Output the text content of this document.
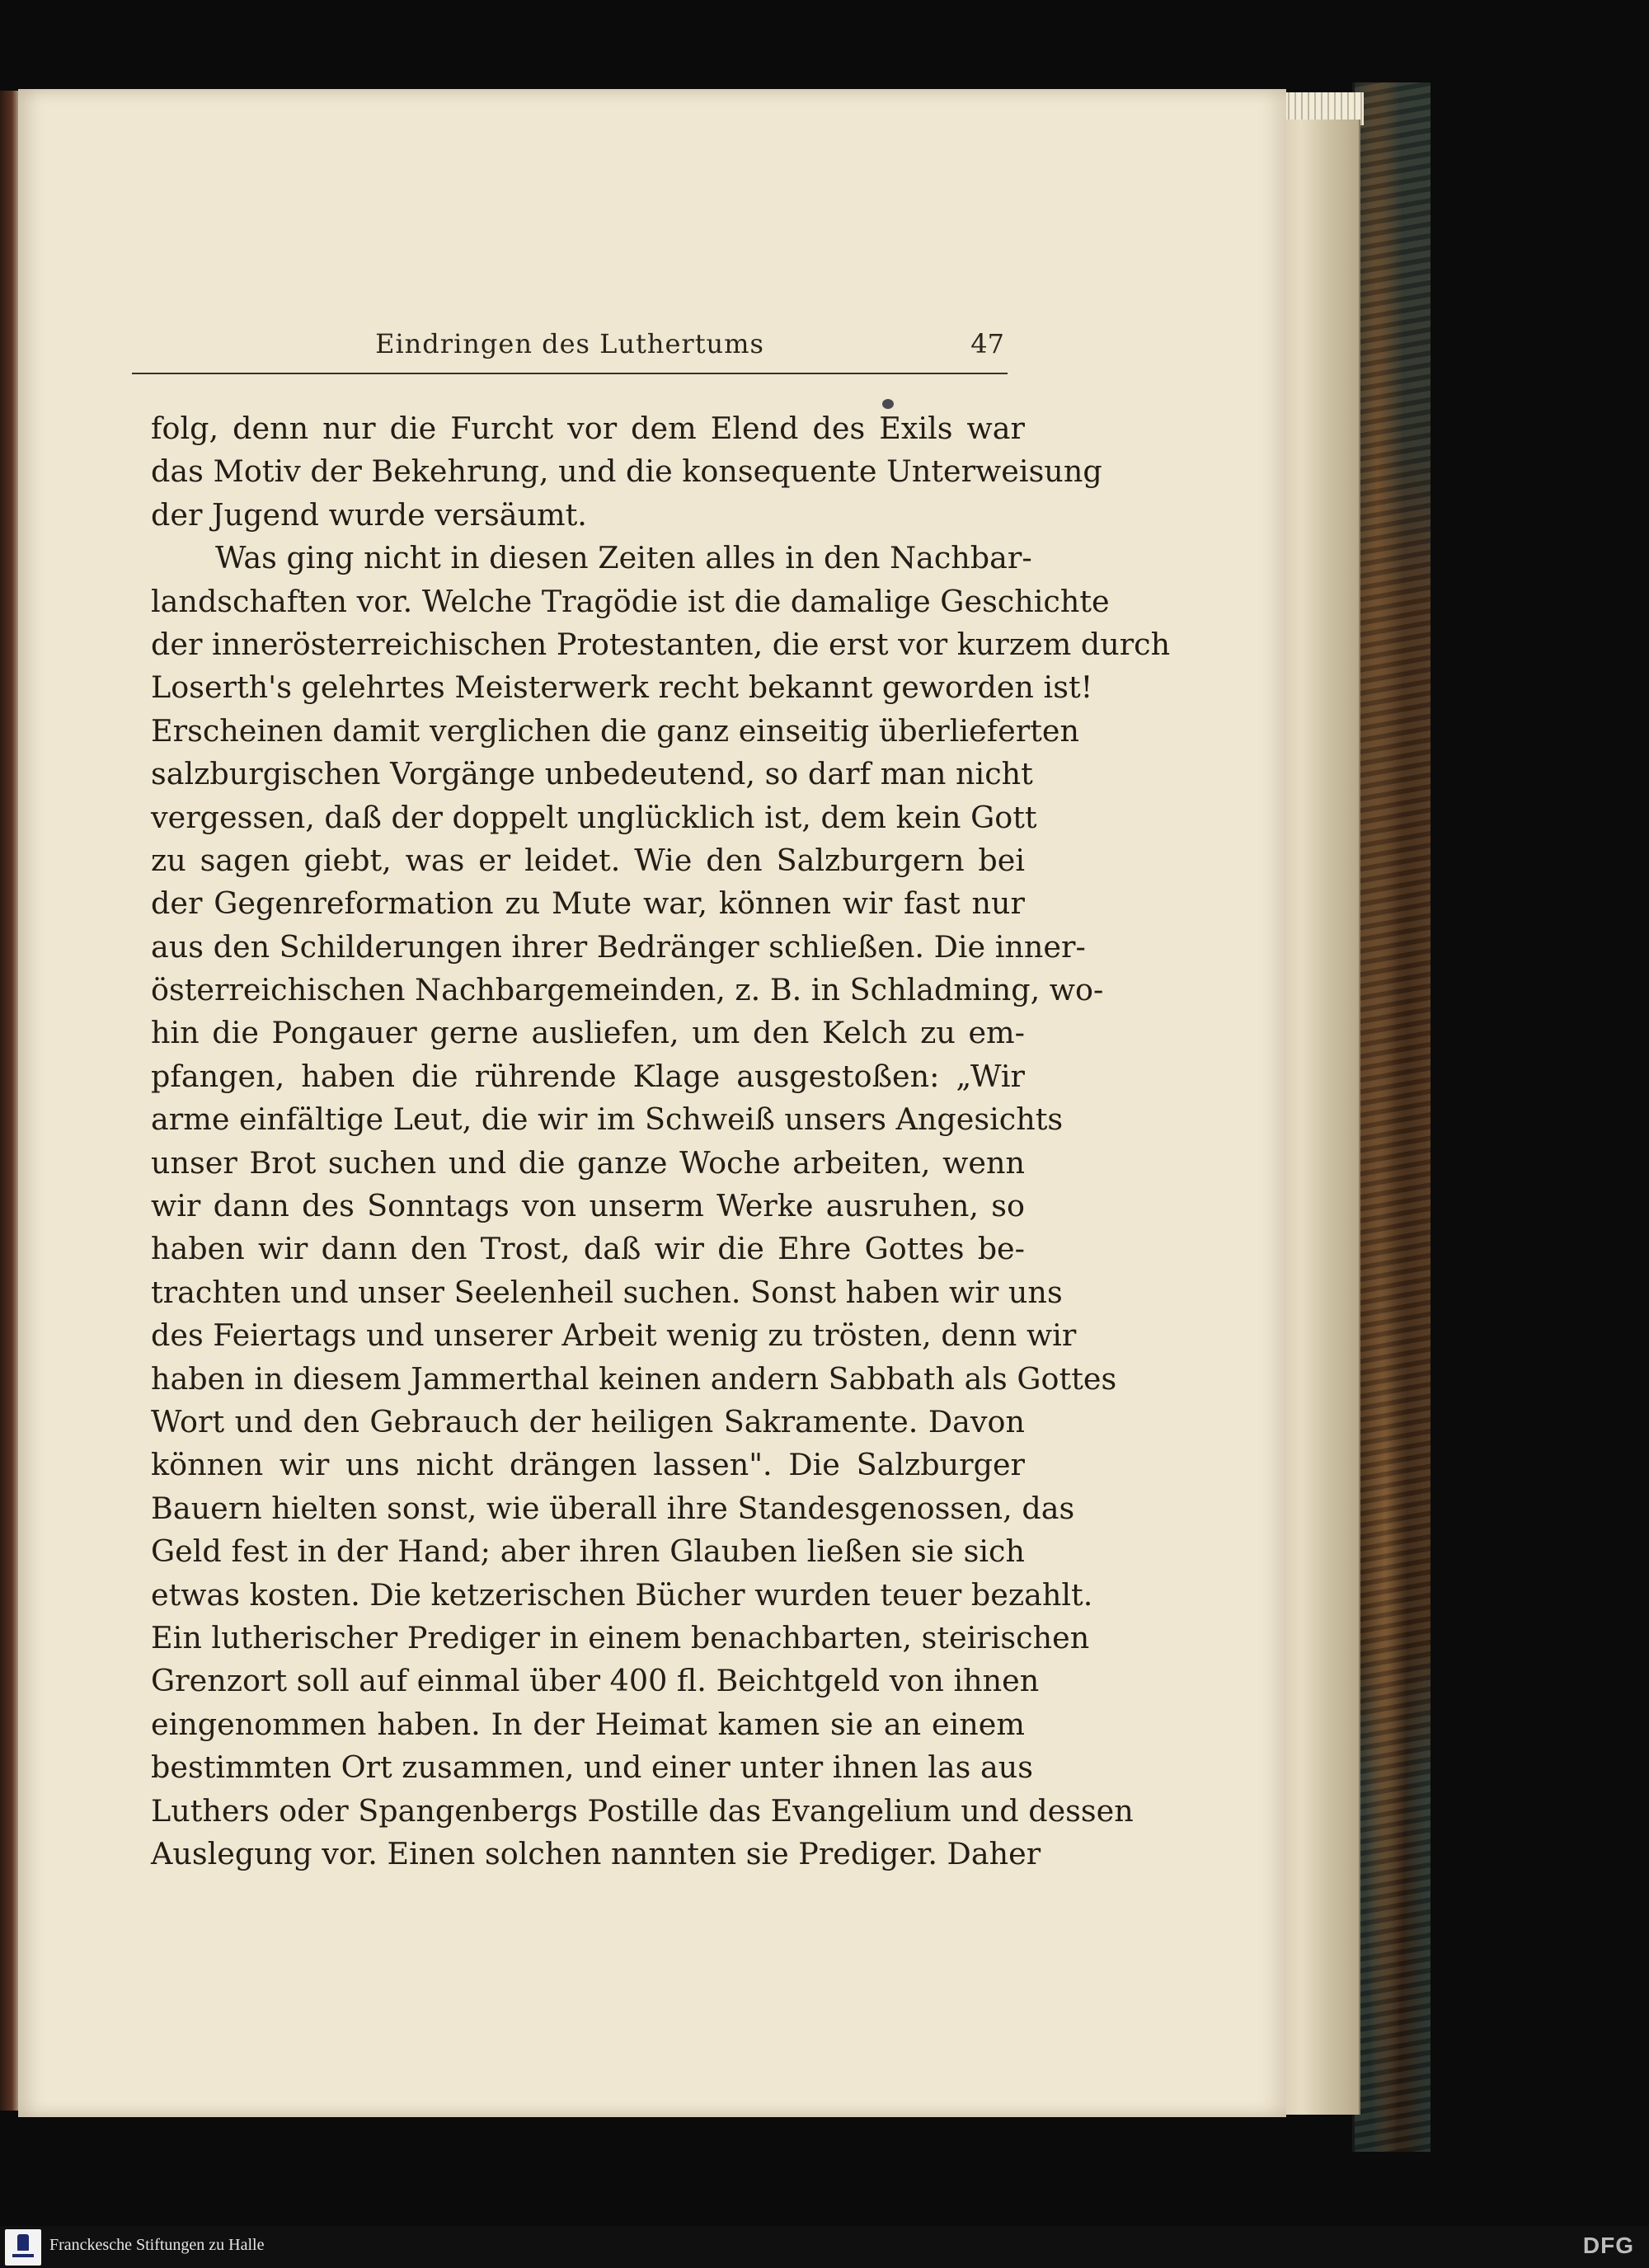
Eindringen des Luthertums	47
folg, denn nur die Furcht vor dem Elend des Exils war
das Motiv der Bekehrung, und die konsequente Unterweisung
der Jugend wurde versäumt.
Was ging nicht in diesen Zeiten alles in den Nachbar-
landschaften vor. Welche Tragödie ist die damalige Geschichte
der innerösterreichischen Protestanten, die erst vor kurzem durch
Loserth's gelehrtes Meisterwerk recht bekannt geworden ist!
Erscheinen damit verglichen die ganz einseitig überlieferten
salzburgischen Vorgänge unbedeutend, so darf man nicht
vergessen, daß der doppelt unglücklich ist, dem kein Gott
zu sagen giebt, was er leidet. Wie den Salzburgern bei
der Gegenreformation zu Mute war, können wir fast nur
aus den Schilderungen ihrer Bedränger schließen. Die inner-
österreichischen Nachbargemeinden, z. B. in Schladming, wo-
hin die Pongauer gerne ausliefen, um den Kelch zu em-
pfangen, haben die rührende Klage ausgestoßen: „Wir
arme einfältige Leut, die wir im Schweiß unsers Angesichts
unser Brot suchen und die ganze Woche arbeiten, wenn
wir dann des Sonntags von unserm Werke ausruhen, so
haben wir dann den Trost, daß wir die Ehre Gottes be-
trachten und unser Seelenheil suchen. Sonst haben wir uns
des Feiertags und unserer Arbeit wenig zu trösten, denn wir
haben in diesem Jammerthal keinen andern Sabbath als Gottes
Wort und den Gebrauch der heiligen Sakramente. Davon
können wir uns nicht drängen lassen". Die Salzburger
Bauern hielten sonst, wie überall ihre Standesgenossen, das
Geld fest in der Hand; aber ihren Glauben ließen sie sich
etwas kosten. Die ketzerischen Bücher wurden teuer bezahlt.
Ein lutherischer Prediger in einem benachbarten, steirischen
Grenzort soll auf einmal über 400 fl. Beichtgeld von ihnen
eingenommen haben. In der Heimat kamen sie an einem
bestimmten Ort zusammen, und einer unter ihnen las aus
Luthers oder Spangenbergs Postille das Evangelium und dessen
Auslegung vor. Einen solchen nannten sie Prediger. Daher
Franckesche Stiftungen zu Halle	DFG
